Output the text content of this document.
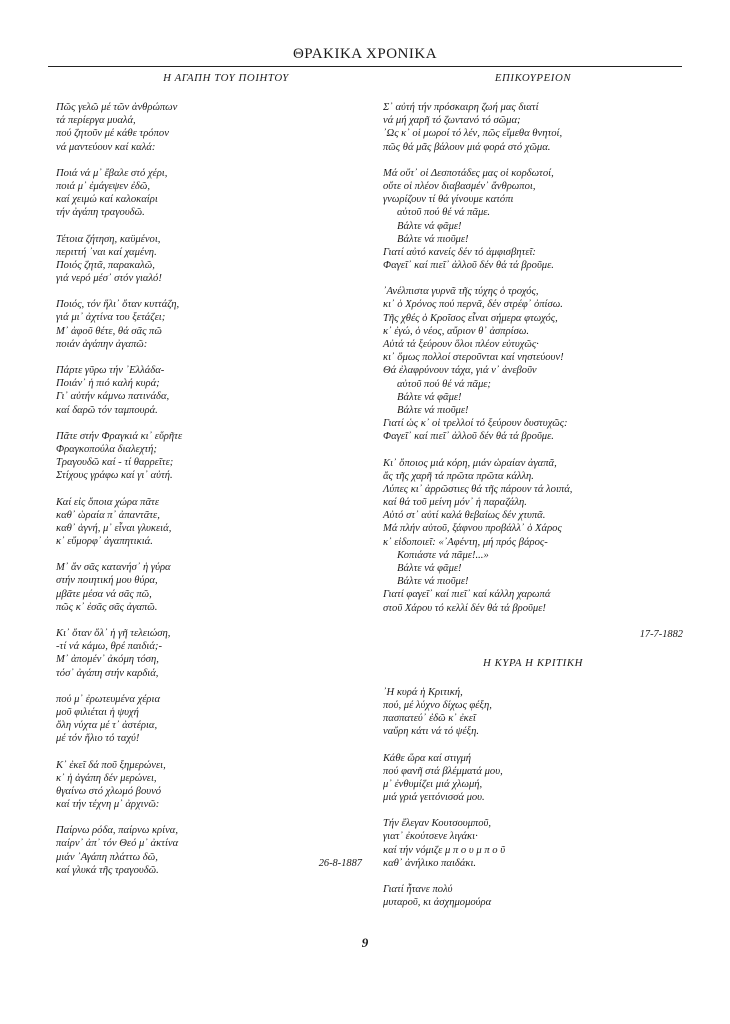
ΘΡΑΚΙΚΑ ΧΡΟΝΙΚΑ
Η ΑΓΑΠΗ ΤΟΥ ΠΟΙΗΤΟΥ
Πῶς γελῶ μέ τῶν ἀνθρώπων
τά περίεργα μυαλά,
πού ζητοῦν μέ κάθε τρόπον
νά μαντεύουν καί καλά:
Ποιά νά μ᾿ ἔβαλε στό χέρι,
ποιά μ᾿ ἐμάγεψεν ἐδῶ,
καί χειμώ καί καλοκαίρι
τήν ἀγάπη τραγουδῶ.
Τέτοια ζήτηση, καϋμένοι,
περιττή ᾿ναι καί χαμένη.
Ποιός ζητᾶ, παρακαλῶ,
γιά νερό μέσ᾿ στόν γιαλό!
Ποιός, τόν ἥλι᾿ ὅταν κυττάζη,
γιά μι᾿ ἀχτίνα του ξετάζει;
Μ᾿ ἀφοῦ θέτε, θά σᾶς πῶ
ποιάν ἀγάπην ἀγαπῶ:
Πάρτε γῦρω τήν ᾿Ελλάδα-
Ποιάν᾿ ἡ πιό καλή κυρά;
Γι᾿ αὐτήν κάμνω πατινάδα,
καί δαρῶ τόν ταμπουρά.
Πᾶτε στήν Φραγκιά κι᾿ εὕρῆτε
Φραγκοπούλα διαλεχτή;
Τραγουδῶ καί - τί θαρρεῖτε;
Στίχους γράφω καί γι᾿ αὐτή.
Καί εἰς ὅποια χώρα πᾶτε
καθ᾿ ὡραία π᾿ ἀπαντᾶτε,
καθ᾿ ἁγνή, μ᾿ εἶναι γλυκειά,
κ᾿ εὔμορφ᾿ ἀγαπητικιά.
Μ᾿ ἄν σᾶς κατανήσ᾿ ἡ γύρα
στήν ποιητική μου θύρα,
μβᾶτε μέσα νά σᾶς πῶ,
πῶς κ᾿ ἐσᾶς σᾶς ἀγαπῶ.
Κι᾿ ὅταν ὅλ᾿ ἡ γῆ τελειώση,
-τί νά κάμω, θρέ παιδιά;-
Μ᾿ ἀπομέν᾿ ἀκόμη τόση,
τόσ᾿ ἀγάπη στήν καρδιά,
πού μ᾿ ἐρωτευμένα χέρια
μοῦ φιλιέται ἡ ψυχή
ὅλη νύχτα μέ τ᾿ ἀστέρια,
μέ τόν ἥλιο τό ταχύ!
Κ᾿ ἐκεῖ δά ποῦ ξημερώνει,
κ᾿ ἡ ἀγάπη δέν μερώνει,
θγαίνω στό χλωμό βουνό
καί τήν τέχνη μ᾿ ἀρχινῶ:
Παίρνω ρόδα, παίρνω κρίνα,
παίρν᾿ ἀπ᾿ τόν Θεό μ᾿ ἀκτίνα
μιάν ᾿Αγάπη πλάττω δῶ,
καί γλυκά τῆς τραγουδῶ.
26-8-1887
ΕΠΙΚΟΥΡΕΙΟΝ
Σ᾿ αὐτή τήν πρόσκαιρη ζωή μας διατί
νά μή χαρῆ τό ζωντανό τό σῶμα;
᾿Ως κ᾿ οἱ μωροί τό λέν, πῶς εἴμεθα θνητοί,
πῶς θά μᾶς βάλουν μιά φορά στό χῶμα.
Μά οὔτ᾿ οἱ Δεσποτάδες μας οἱ κορδωτοί,
οὔτε οἱ πλέον διαβασμέν᾿ ἄνθρωποι,
γνωρίζουν τί θά γίνουμε κατόπι
αὐτοῦ πού θέ νά πᾶμε.
Βάλτε νά φᾶμε!
Βάλτε νά πιοῦμε!
Γιατί αὐτό κανείς δέν τό ἀμφισβητεῖ:
Φαγεῖ᾿ καί πιεῖ᾿ ἀλλοῦ δέν θά τά βροῦμε.
᾿Ανέλπιστα γυρνᾶ τῆς τύχης ὁ τροχός,
κι᾿ ὁ Χρόνος πού περνᾶ, δέν στρέφ᾿ ὀπίσω.
Τῆς χθές ὁ Κροῖσος εἶναι σήμερα φτωχός,
κ᾿ ἐγώ, ὁ νέος, αὔριον θ᾿ ἀσπρίσω.
Αὐτά τά ξεύρουν ὅλοι πλέον εὐτυχῶς·
κι᾿ ὅμως πολλοί στεροῦνται καί νηστεύουν!
Θά ἐλαφρύνουν τάχα, γιά ν᾿ ἀνεβοῦν
αὐτοῦ πού θέ νά πᾶμε;
Βάλτε νά φᾶμε!
Βάλτε νά πιοῦμε!
Γιατί ὡς κ᾿ οἱ τρελλοί τό ξεύρουν δυστυχῶς:
Φαγεῖ᾿ καί πιεῖ᾿ ἀλλοῦ δέν θά τά βροῦμε.
Κι᾿ ὅποιος μιά κόρη, μιάν ὡραίαν ἀγαπᾶ,
ἄς τῆς χαρῆ τά πρῶτα πρῶτα κάλλη.
Λύπες κι᾿ ἀρρῶστιες θά τῆς πάρουν τά λοιπά,
καί θά τοῦ μείνη μόν᾿ ἡ παραζάλη.
Αὐτό στ᾿ αὐτί καλά θεβαίως δέν χτυπᾶ.
Μά πλήν αὐτοῦ, ξάφνου προβάλλ᾿ ὁ Χάρος
κ᾿ εἰδοποιεῖ: «᾿Αφέντη, μή πρός βάρος-
Κοπιάστε νά πᾶμε!...»
Βάλτε νά φᾶμε!
Βάλτε νά πιοῦμε!
Γιατί φαγεῖ᾿ καί πιεῖ᾿ καί κάλλη χαρωπά
στοῦ Χάρου τό κελλί δέν θά τά βροῦμε!
17-7-1882
Η ΚΥΡΑ Η ΚΡΙΤΙΚΗ
᾿Η κυρά ἡ Κριτική,
πού, μέ λύχνο δίχως φέξη,
πασπατεύ᾿ ἐδῶ κ᾿ ἐκεῖ
ναὔρη κάτι νά τό ψέξη.
Κάθε ὥρα καί στιγμή
πού φανῆ στά βλέμματά μου,
μ᾿ ἐνθυμίζει μιά χλωμή,
μιά γριά γειτόνισσά μου.
Τήν ἔλεγαν Κουτσουμποῦ,
γιατ᾿ ἐκούτσενε λιγάκι·
καί τήν νόμιζε μ π ο υ μ π ο ῦ
καθ᾿ ἀνήλικο παιδάκι.
Γιατί ἦτανε πολύ
μυταροῦ, κι ἀσχημομούρα
9
